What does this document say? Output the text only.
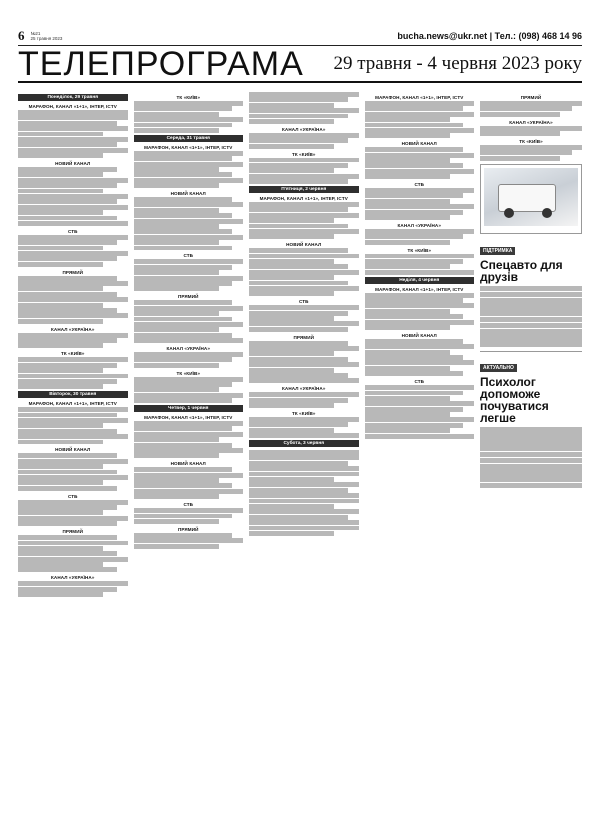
6 №21
25 травня 2023	bucha.news@ukr.net | Тел.: (098) 468 14 96
ТЕЛЕПРОГРАМА 29 травня - 4 червня 2023 року
Понеділок, 29 травня
МАРАФОН, КАНАЛ «1+1», ІНТЕР, ICTV
НОВИЙ КАНАЛ
СТБ
ПРЯМИЙ
КАНАЛ «УКРАЇНА»
ТК «КИЇВ»
Вівторок, 30 травня
МАРАФОН, КАНАЛ «1+1», ІНТЕР, ICTV
НОВИЙ КАНАЛ
СТБ
ПРЯМИЙ
КАНАЛ «УКРАЇНА»
ТК «КИЇВ»
Середа, 31 травня
МАРАФОН, КАНАЛ «1+1», ІНТЕР, ICTV
НОВИЙ КАНАЛ
СТБ
ПРЯМИЙ
КАНАЛ «УКРАЇНА»
ТК «КИЇВ»
Четвер, 1 червня
МАРАФОН, КАНАЛ «1+1», ІНТЕР, ICTV
НОВИЙ КАНАЛ
СТБ
ПРЯМИЙ
КАНАЛ «УКРАЇНА»
ТК «КИЇВ»
П'ятниця, 2 червня
МАРАФОН, КАНАЛ «1+1», ІНТЕР, ICTV
НОВИЙ КАНАЛ
СТБ
ПРЯМИЙ
КАНАЛ «УКРАЇНА»
ТК «КИЇВ»
Субота, 3 червня
МАРАФОН, КАНАЛ «1+1», ІНТЕР, ICTV
НОВИЙ КАНАЛ
СТБ
КАНАЛ «УКРАЇНА»
ТК «КИЇВ»
Неділя, 4 червня
МАРАФОН, КАНАЛ «1+1», ІНТЕР, ICTV
НОВИЙ КАНАЛ
СТБ
ПРЯМИЙ
КАНАЛ «УКРАЇНА»
ТК «КИЇВ»
ПІДТРИМКА
Спецавто для друзів
АКТУАЛЬНО
Психолог допоможе почуватися легше
